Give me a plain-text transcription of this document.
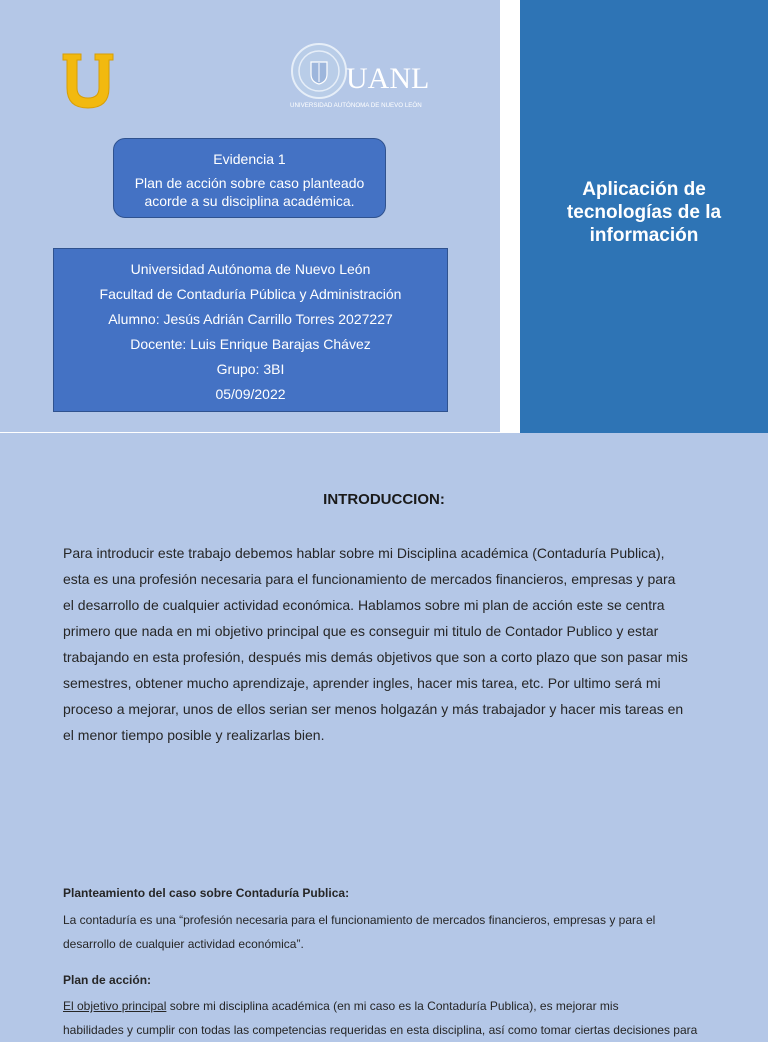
UANL
UNIVERSIDAD AUTÓNOMA DE NUEVO LEÓN
Evidencia 1
Plan de acción sobre caso planteado
acorde a su disciplina académica.
Universidad Autónoma de Nuevo León
Facultad de Contaduría Pública y Administración
Alumno: Jesús Adrián Carrillo Torres 2027227
Docente: Luis Enrique Barajas Chávez
Grupo: 3BI
05/09/2022
Aplicación de
tecnologías de la
información
INTRODUCCION:
Para introducir este trabajo debemos hablar sobre mi Disciplina académica (Contaduría Publica),
esta es una profesión necesaria para el funcionamiento de mercados financieros, empresas y para
el desarrollo de cualquier actividad económica. Hablamos sobre mi plan de acción este se centra
primero que nada en mi objetivo principal que es conseguir mi titulo de Contador Publico y estar
trabajando en esta profesión, después mis demás objetivos que son a corto plazo que son pasar mis
semestres, obtener mucho aprendizaje, aprender ingles, hacer mis tarea, etc. Por ultimo será mi
proceso a mejorar, unos de ellos serian ser menos holgazán y más trabajador y hacer mis tareas en
el menor tiempo posible y realizarlas bien.
Planteamiento del caso sobre Contaduría Publica:
La contaduría es una “profesión necesaria para el funcionamiento de mercados financieros, empresas y para el
desarrollo de cualquier actividad económica”.
Plan de acción:
El objetivo principal sobre mi disciplina académica (en mi caso es la Contaduría Publica), es mejorar mis
habilidades y cumplir con todas las competencias requeridas en esta disciplina, así como tomar ciertas decisiones para
